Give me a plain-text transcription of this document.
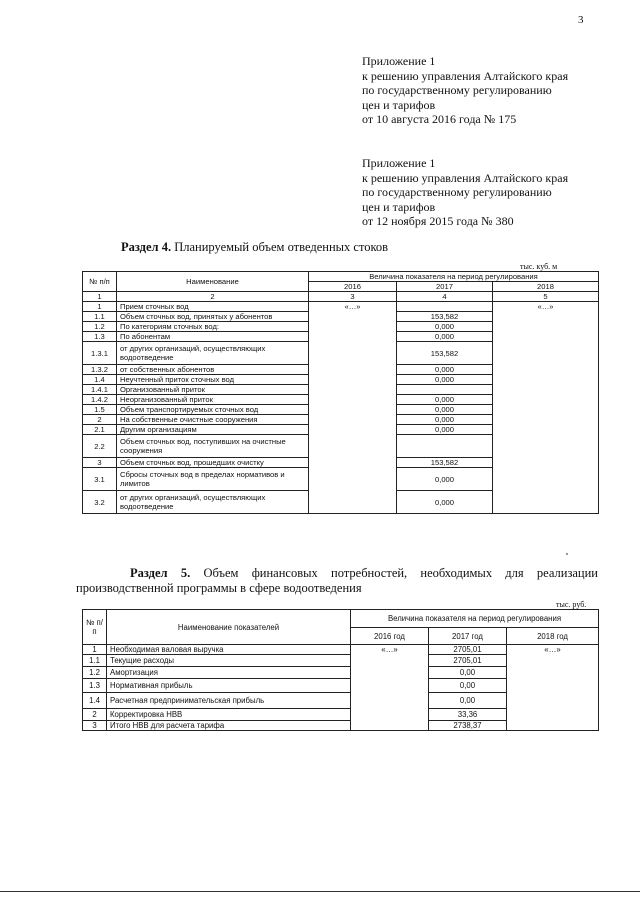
3
Приложение 1
к решению управления Алтайского края
по государственному регулированию
цен и тарифов
от 10 августа 2016 года № 175
Приложение 1
к решению управления Алтайского края
по государственному регулированию
цен и тарифов
от 12 ноября 2015 года № 380
Раздел 4. Планируемый объем отведенных стоков
тыс. куб. м
№ п/п	Наименование	Величина показателя на период регулирования		
		2016	2017	2018
1	2	3	4	5
1	Прием сточных вод	«…»		«…»
1.1	Объем сточных вод, принятых у абонентов		153,582	
1.2	По категориям сточных вод:		0,000	
1.3	По абонентам		0,000	
1.3.1	от других организаций, осуществляющих водоотведение		153,582	
1.3.2	от собственных абонентов		0,000	
1.4	Неучтенный приток сточных вод		0,000	
1.4.1	Организованный приток			
1.4.2	Неорганизованный приток		0,000	
1.5	Объем транспортируемых сточных вод		0,000	
2	На собственные очистные сооружения		0,000	
2.1	Другим организациям		0,000	
2.2	Объем сточных вод, поступивших на очистные сооружения			
3	Объем сточных вод, прошедших очистку		153,582	
3.1	Сбросы сточных вод в пределах нормативов и лимитов		0,000	
3.2	от других организаций, осуществляющих водоотведение		0,000	
Раздел 5. Объем финансовых потребностей, необходимых для реализации производственной программы в сфере водоотведения
тыс. руб.
№ п/ п	Наименование показателей	Величина показателя на период регулирования		
		2016 год	2017 год	2018 год
1	Необходимая валовая выручка	«…»	2705,01	«…»
1.1	Текущие расходы		2705,01	
1.2	Амортизация		0,00	
1.3	Нормативная прибыль		0,00	
1.4	Расчетная предпринимательская прибыль		0,00	
2	Корректировка НВВ		33,36	
3	Итого НВВ для расчета тарифа		2738,37	
